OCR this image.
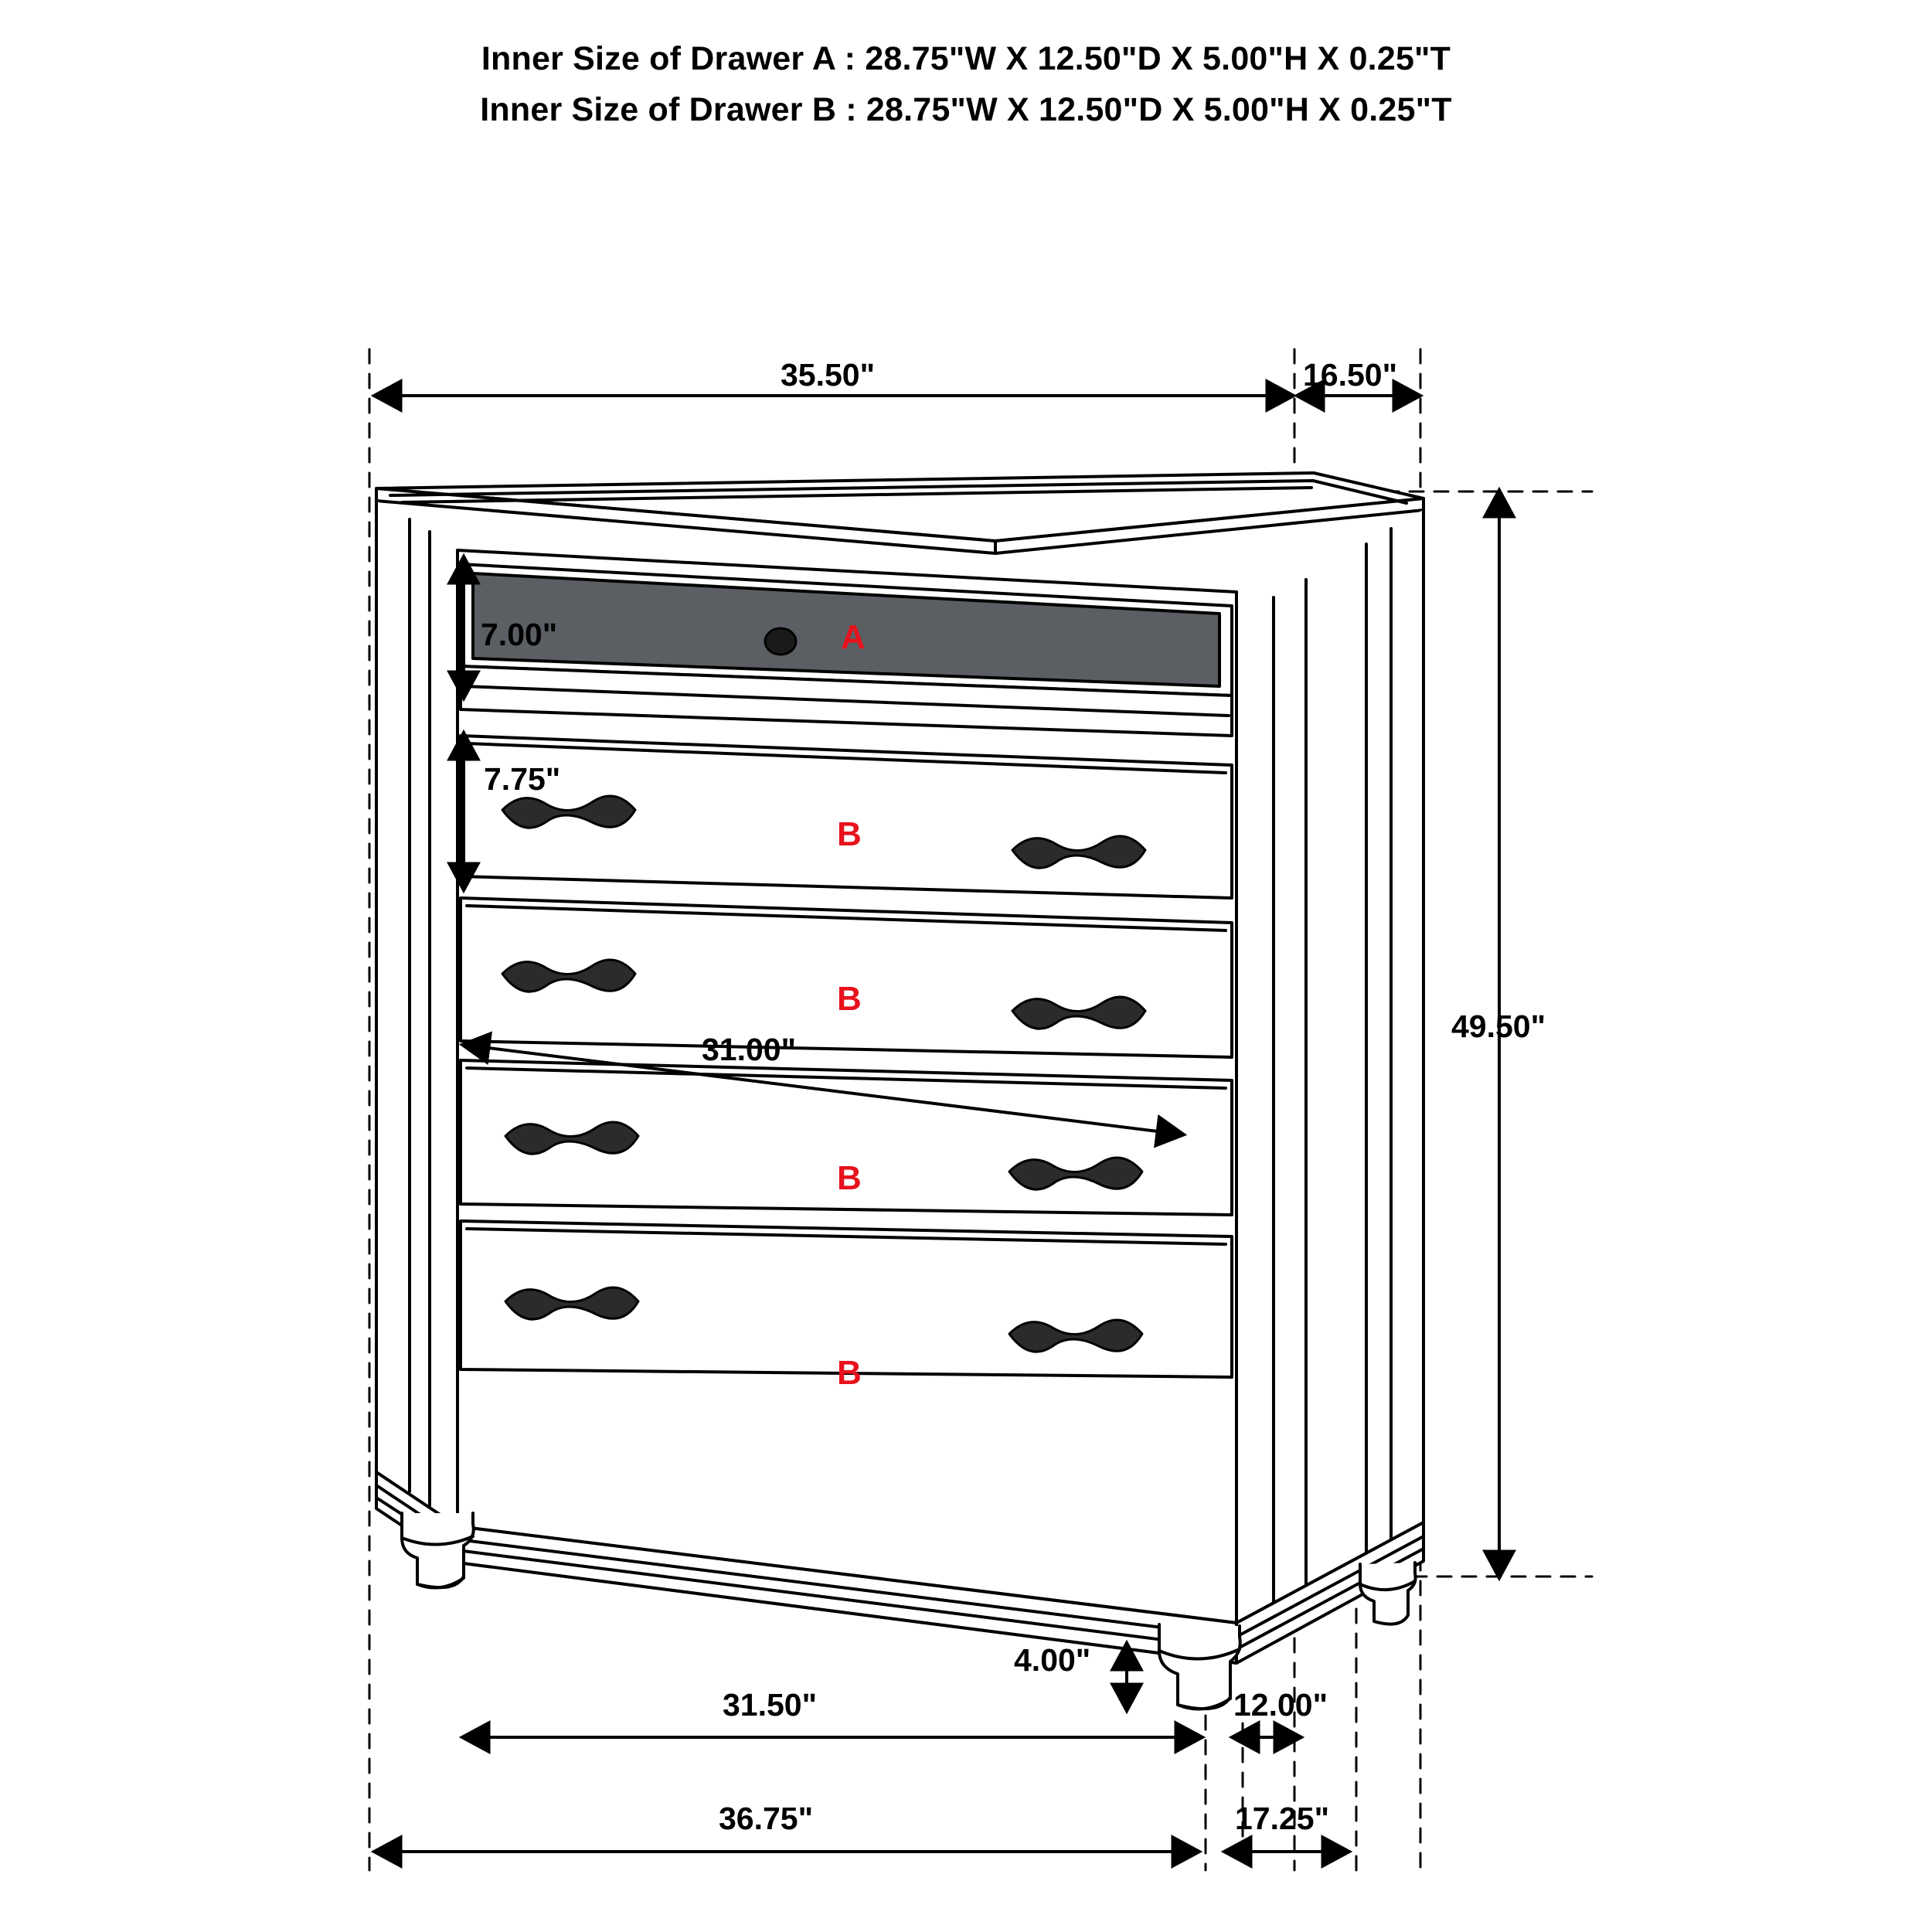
Inner Size of Drawer A : 28.75"W X 12.50"D X 5.00"H X 0.25"T
Inner Size of Drawer B : 28.75"W X 12.50"D X 5.00"H X 0.25"T
35.50"	16.50"
7.00"
7.75"
31.00"
49.50"
4.00"
31.50"	12.00"
36.75"	17.25"
A
B
B
B
B
